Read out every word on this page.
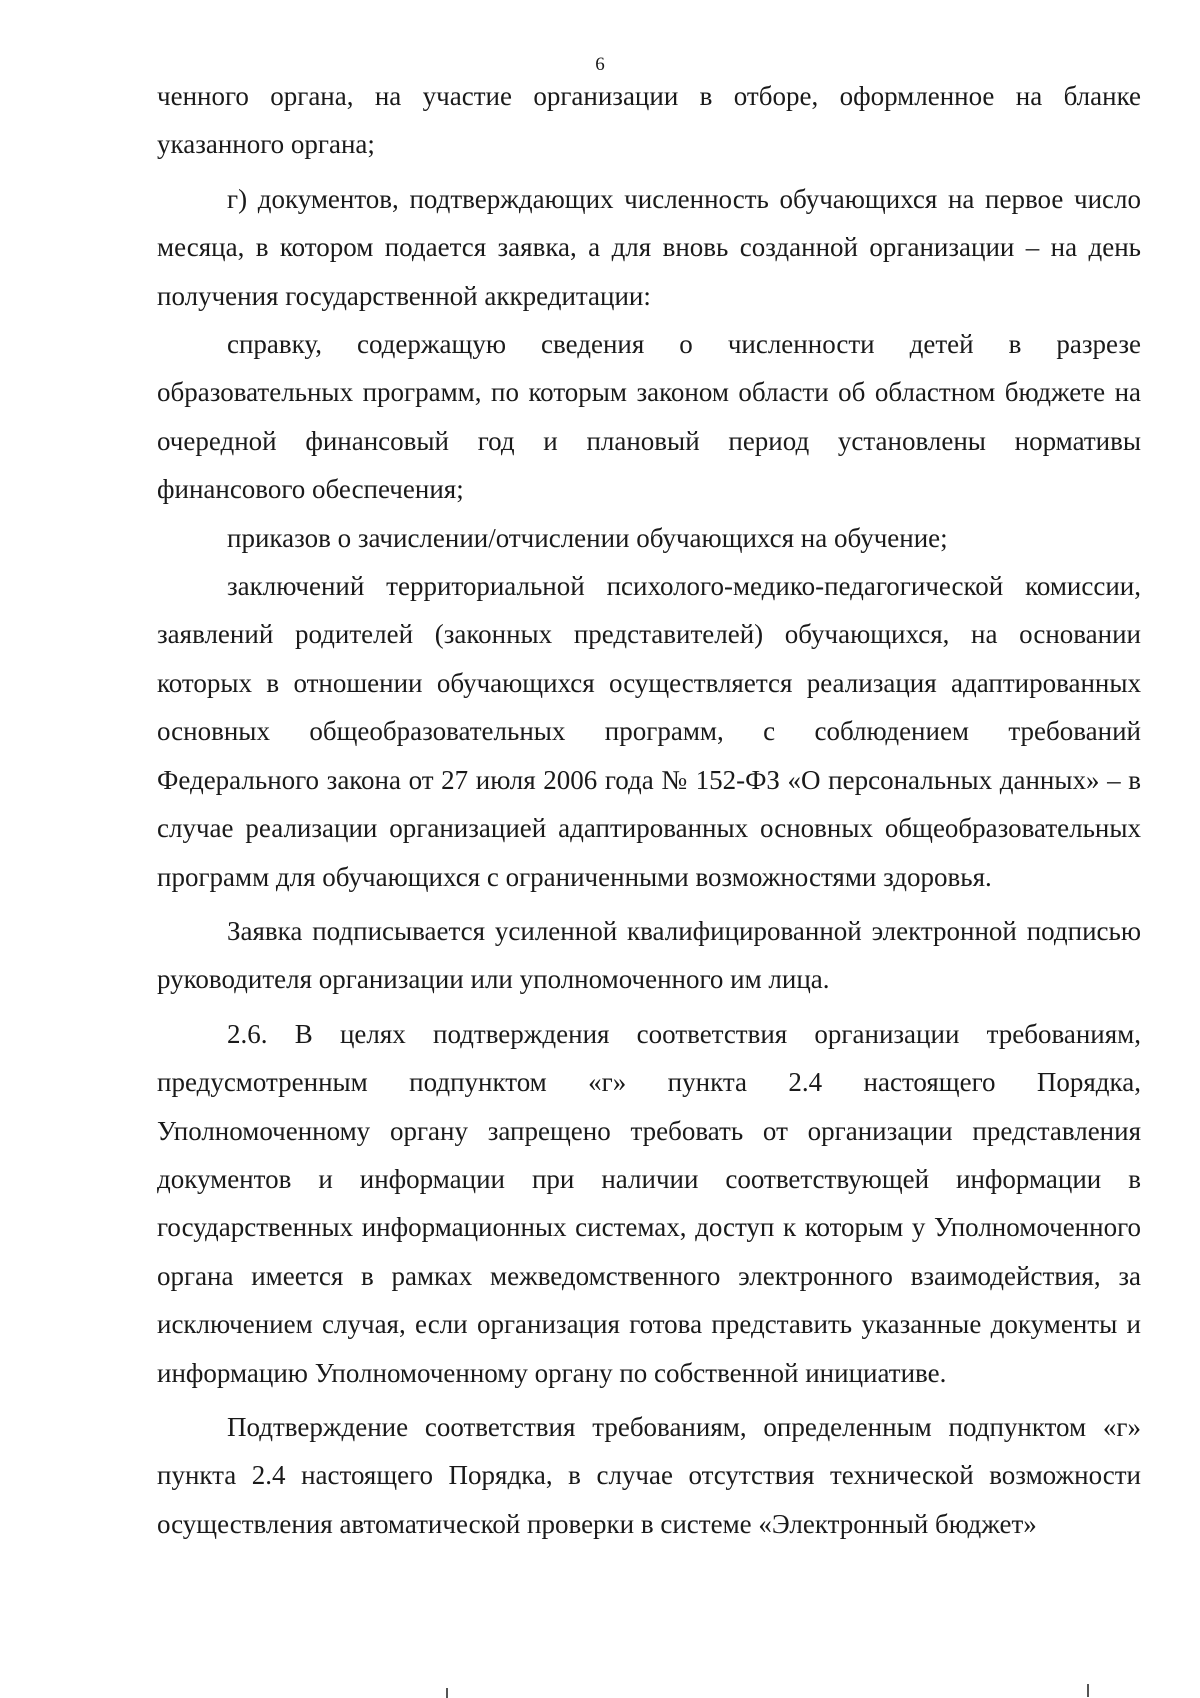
6

ченного органа, на участие организации в отборе, оформленное на бланке указанного органа;

г) документов, подтверждающих численность обучающихся на первое число месяца, в котором подается заявка, а для вновь созданной организации – на день получения государственной аккредитации:

справку, содержащую сведения о численности детей в разрезе образовательных программ, по которым законом области об областном бюджете на очередной финансовый год и плановый период установлены нормативы финансового обеспечения;

приказов о зачислении/отчислении обучающихся на обучение;

заключений территориальной психолого-медико-педагогической комиссии, заявлений родителей (законных представителей) обучающихся, на основании которых в отношении обучающихся осуществляется реализация адаптированных основных общеобразовательных программ, с соблюдением требований Федерального закона от 27 июля 2006 года № 152-ФЗ «О персональных данных» – в случае реализации организацией адаптированных основных общеобразовательных программ для обучающихся с ограниченными возможностями здоровья.

Заявка подписывается усиленной квалифицированной электронной подписью руководителя организации или уполномоченного им лица.

2.6. В целях подтверждения соответствия организации требованиям, предусмотренным подпунктом «г» пункта 2.4 настоящего Порядка, Уполномоченному органу запрещено требовать от организации представления документов и информации при наличии соответствующей информации в государственных информационных системах, доступ к которым у Уполномоченного органа имеется в рамках межведомственного электронного взаимодействия, за исключением случая, если организация готова представить указанные документы и информацию Уполномоченному органу по собственной инициативе.

Подтверждение соответствия требованиям, определенным подпунктом «г» пункта 2.4 настоящего Порядка, в случае отсутствия технической возможности осуществления автоматической проверки в системе «Электронный бюджет»
